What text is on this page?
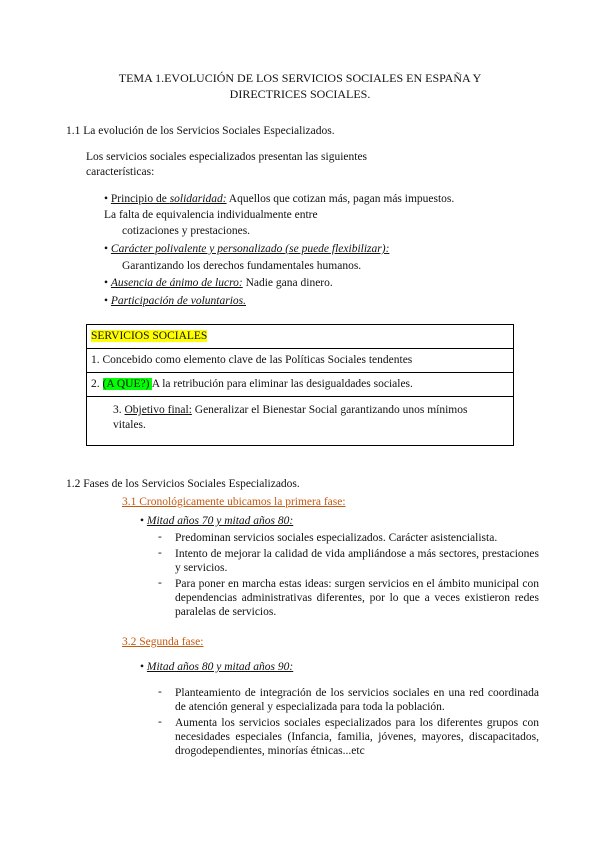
TEMA 1.EVOLUCIÓN DE LOS SERVICIOS SOCIALES EN ESPAÑA Y
DIRECTRICES SOCIALES.
1.1 La evolución de los Servicios Sociales Especializados.
Los servicios sociales especializados presentan las siguientes
características:
• Principio de solidaridad: Aquellos que cotizan más, pagan más impuestos.
La falta de equivalencia individualmente entre
cotizaciones y prestaciones.
• Carácter polivalente y personalizado (se puede flexibilizar):
Garantizando los derechos fundamentales humanos.
• Ausencia de ánimo de lucro: Nadie gana dinero.
• Participación de voluntarios.
SERVICIOS SOCIALES
1. Concebido como elemento clave de las Políticas Sociales tendentes
2. (A QUE?) A la retribución para eliminar las desigualdades sociales.
3. Objetivo final: Generalizar el Bienestar Social garantizando unos mínimos
vitales.
1.2 Fases de los Servicios Sociales Especializados.
3.1 Cronológicamente ubicamos la primera fase:
• Mitad años 70 y mitad años 80:
- Predominan servicios sociales especializados. Carácter asistencialista.
- Intento de mejorar la calidad de vida ampliándose a más sectores, prestaciones y servicios.
- Para poner en marcha estas ideas: surgen servicios en el ámbito municipal con dependencias administrativas diferentes, por lo que a veces existieron redes paralelas de servicios.
3.2 Segunda fase:
• Mitad años 80 y mitad años 90:
- Planteamiento de integración de los servicios sociales en una red coordinada de atención general y especializada para toda la población.
- Aumenta los servicios sociales especializados para los diferentes grupos con necesidades especiales (Infancia, familia, jóvenes, mayores, discapacitados, drogodependientes, minorías étnicas...etc
